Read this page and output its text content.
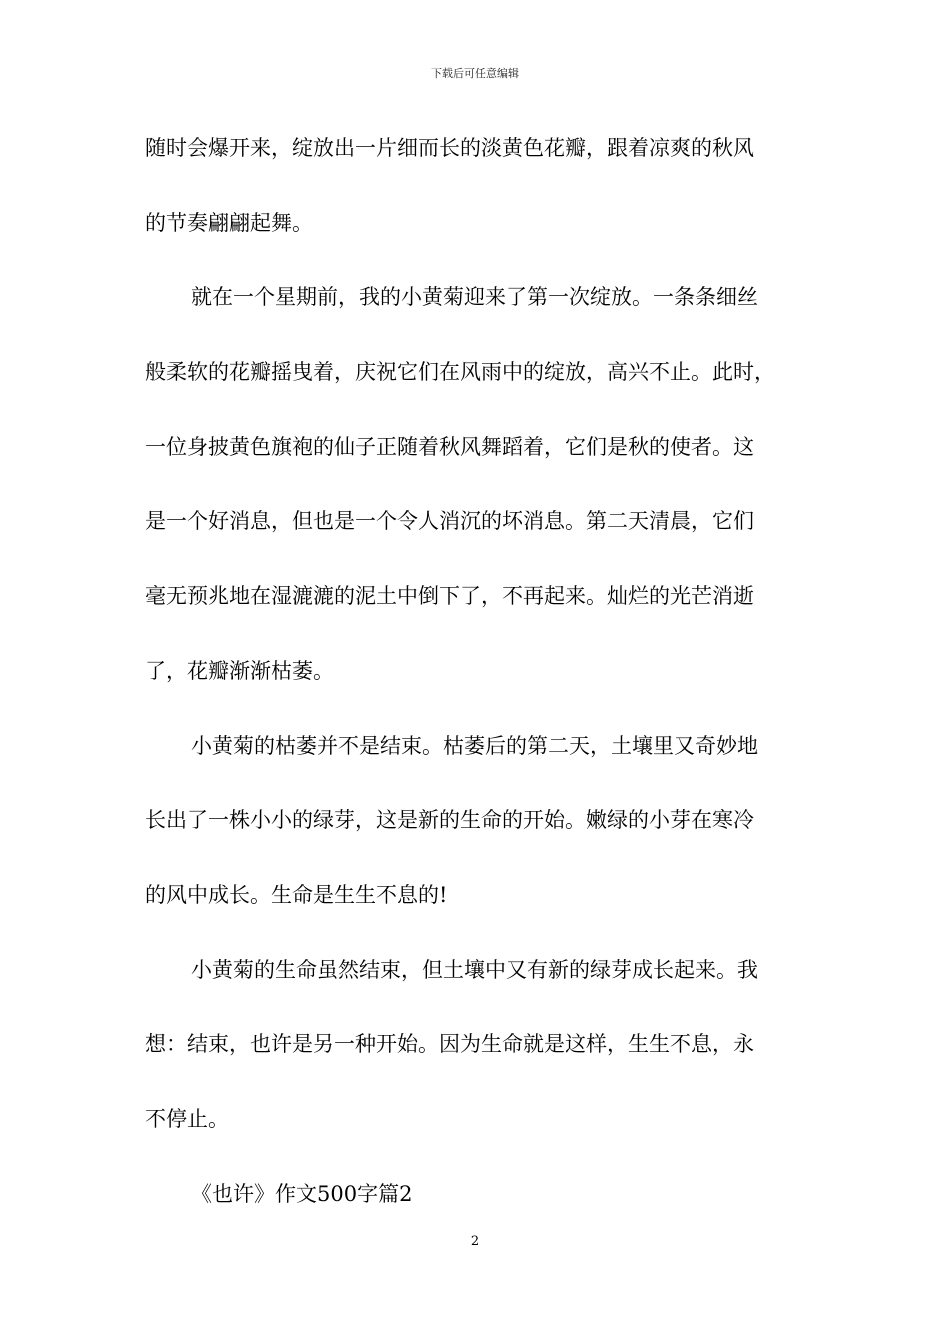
下载后可任意编辑
随时会爆开来，绽放出一片细而长的淡黄色花瓣，跟着凉爽的秋风
的节奏翩翩起舞。
就在一个星期前，我的小黄菊迎来了第一次绽放。一条条细丝
般柔软的花瓣摇曳着，庆祝它们在风雨中的绽放，高兴不止。此时，
一位身披黄色旗袍的仙子正随着秋风舞蹈着，它们是秋的使者。这
是一个好消息，但也是一个令人消沉的坏消息。第二天清晨，它们
毫无预兆地在湿漉漉的泥土中倒下了，不再起来。灿烂的光芒消逝
了，花瓣渐渐枯萎。
小黄菊的枯萎并不是结束。枯萎后的第二天，土壤里又奇妙地
长出了一株小小的绿芽，这是新的生命的开始。嫩绿的小芽在寒冷
的风中成长。生命是生生不息的!
小黄菊的生命虽然结束，但土壤中又有新的绿芽成长起来。我
想：结束，也许是另一种开始。因为生命就是这样，生生不息，永
不停止。
《也许》作文500字篇2
2
